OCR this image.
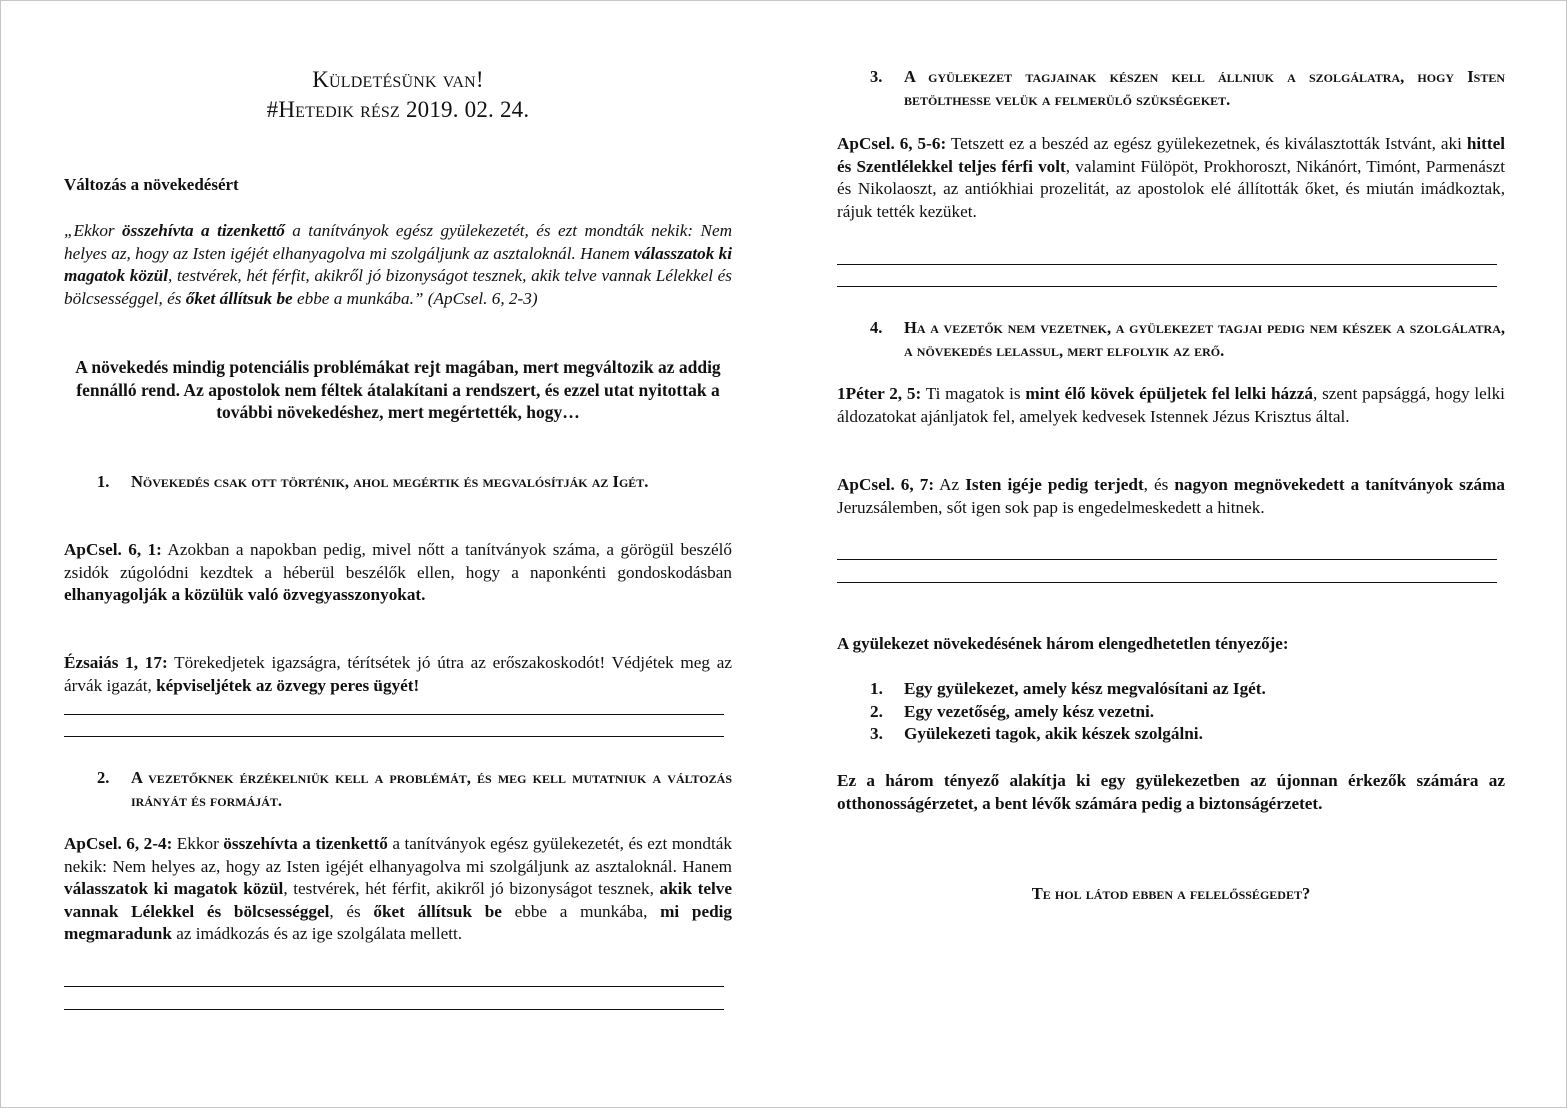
Küldetésünk van!
#Hetedik rész 2019. 02. 24.
Változás a növekedésért

„Ekkor összehívta a tizenkettő a tanítványok egész gyülekezetét, és ezt mondták nekik: Nem helyes az, hogy az Isten igéjét elhanyagolva mi szolgáljunk az asztaloknál. Hanem válasszatok ki magatok közül, testvérek, hét férfit, akikről jó bizonyságot tesznek, akik telve vannak Lélekkel és bölcsességgel, és őket állítsuk be ebbe a munkába.” (ApCsel. 6, 2-3)

A növekedés mindig potenciális problémákat rejt magában, mert megváltozik az addig fennálló rend. Az apostolok nem féltek átalakítani a rendszert, és ezzel utat nyitottak a további növekedéshez, mert megértették, hogy…

1. Növekedés csak ott történik, ahol megértik és megvalósítják az Igét.

ApCsel. 6, 1: Azokban a napokban pedig, mivel nőtt a tanítványok száma, a görögül beszélő zsidók zúgolódni kezdtek a héberül beszélők ellen, hogy a naponkénti gondoskodásban elhanyagolják a közülük való özvegyasszonyokat.

Ézsaiás 1, 17: Törekedjetek igazságra, térítsétek jó útra az erőszakoskodót! Védjétek meg az árvák igazát, képviseljétek az özvegy peres ügyét!

2. A vezetőknek érzékelniük kell a problémát, és meg kell mutatniuk a változás irányát és formáját.

ApCsel. 6, 2-4: Ekkor összehívta a tizenkettő a tanítványok egész gyülekezetét, és ezt mondták nekik: Nem helyes az, hogy az Isten igéjét elhanyagolva mi szolgáljunk az asztaloknál. Hanem válasszatok ki magatok közül, testvérek, hét férfit, akikről jó bizonyságot tesznek, akik telve vannak Lélekkel és bölcsességgel, és őket állítsuk be ebbe a munkába, mi pedig megmaradunk az imádkozás és az ige szolgálata mellett.

3. A gyülekezet tagjainak készen kell állniuk a szolgálatra, hogy Isten betölthesse velük a felmerülő szükségeket.

ApCsel. 6, 5-6: Tetszett ez a beszéd az egész gyülekezetnek, és kiválasztották Istvánt, aki hittel és Szentlélekkel teljes férfi volt, valamint Fülöpöt, Prokhoroszt, Nikánórt, Timónt, Parmenászt és Nikolaoszt, az antiókhiai prozelitát, az apostolok elé állították őket, és miután imádkoztak, rájuk tették kezüket.

4. Ha a vezetők nem vezetnek, a gyülekezet tagjai pedig nem készek a szolgálatra, a növekedés lelassul, mert elfolyik az erő.

1Péter 2, 5: Ti magatok is mint élő kövek épüljetek fel lelki házzá, szent papsággá, hogy lelki áldozatokat ajánljatok fel, amelyek kedvesek Istennek Jézus Krisztus által.

ApCsel. 6, 7: Az Isten igéje pedig terjedt, és nagyon megnövekedett a tanítványok száma Jeruzsálemben, sőt igen sok pap is engedelmeskedett a hitnek.

A gyülekezet növekedésének három elengedhetetlen tényezője:
1. Egy gyülekezet, amely kész megvalósítani az Igét.
2. Egy vezetőség, amely kész vezetni.
3. Gyülekezeti tagok, akik készek szolgálni.

Ez a három tényező alakítja ki egy gyülekezetben az újonnan érkezők számára az otthonosságérzetet, a bent lévők számára pedig a biztonságérzetet.

Te hol látod ebben a felelősségedet?
